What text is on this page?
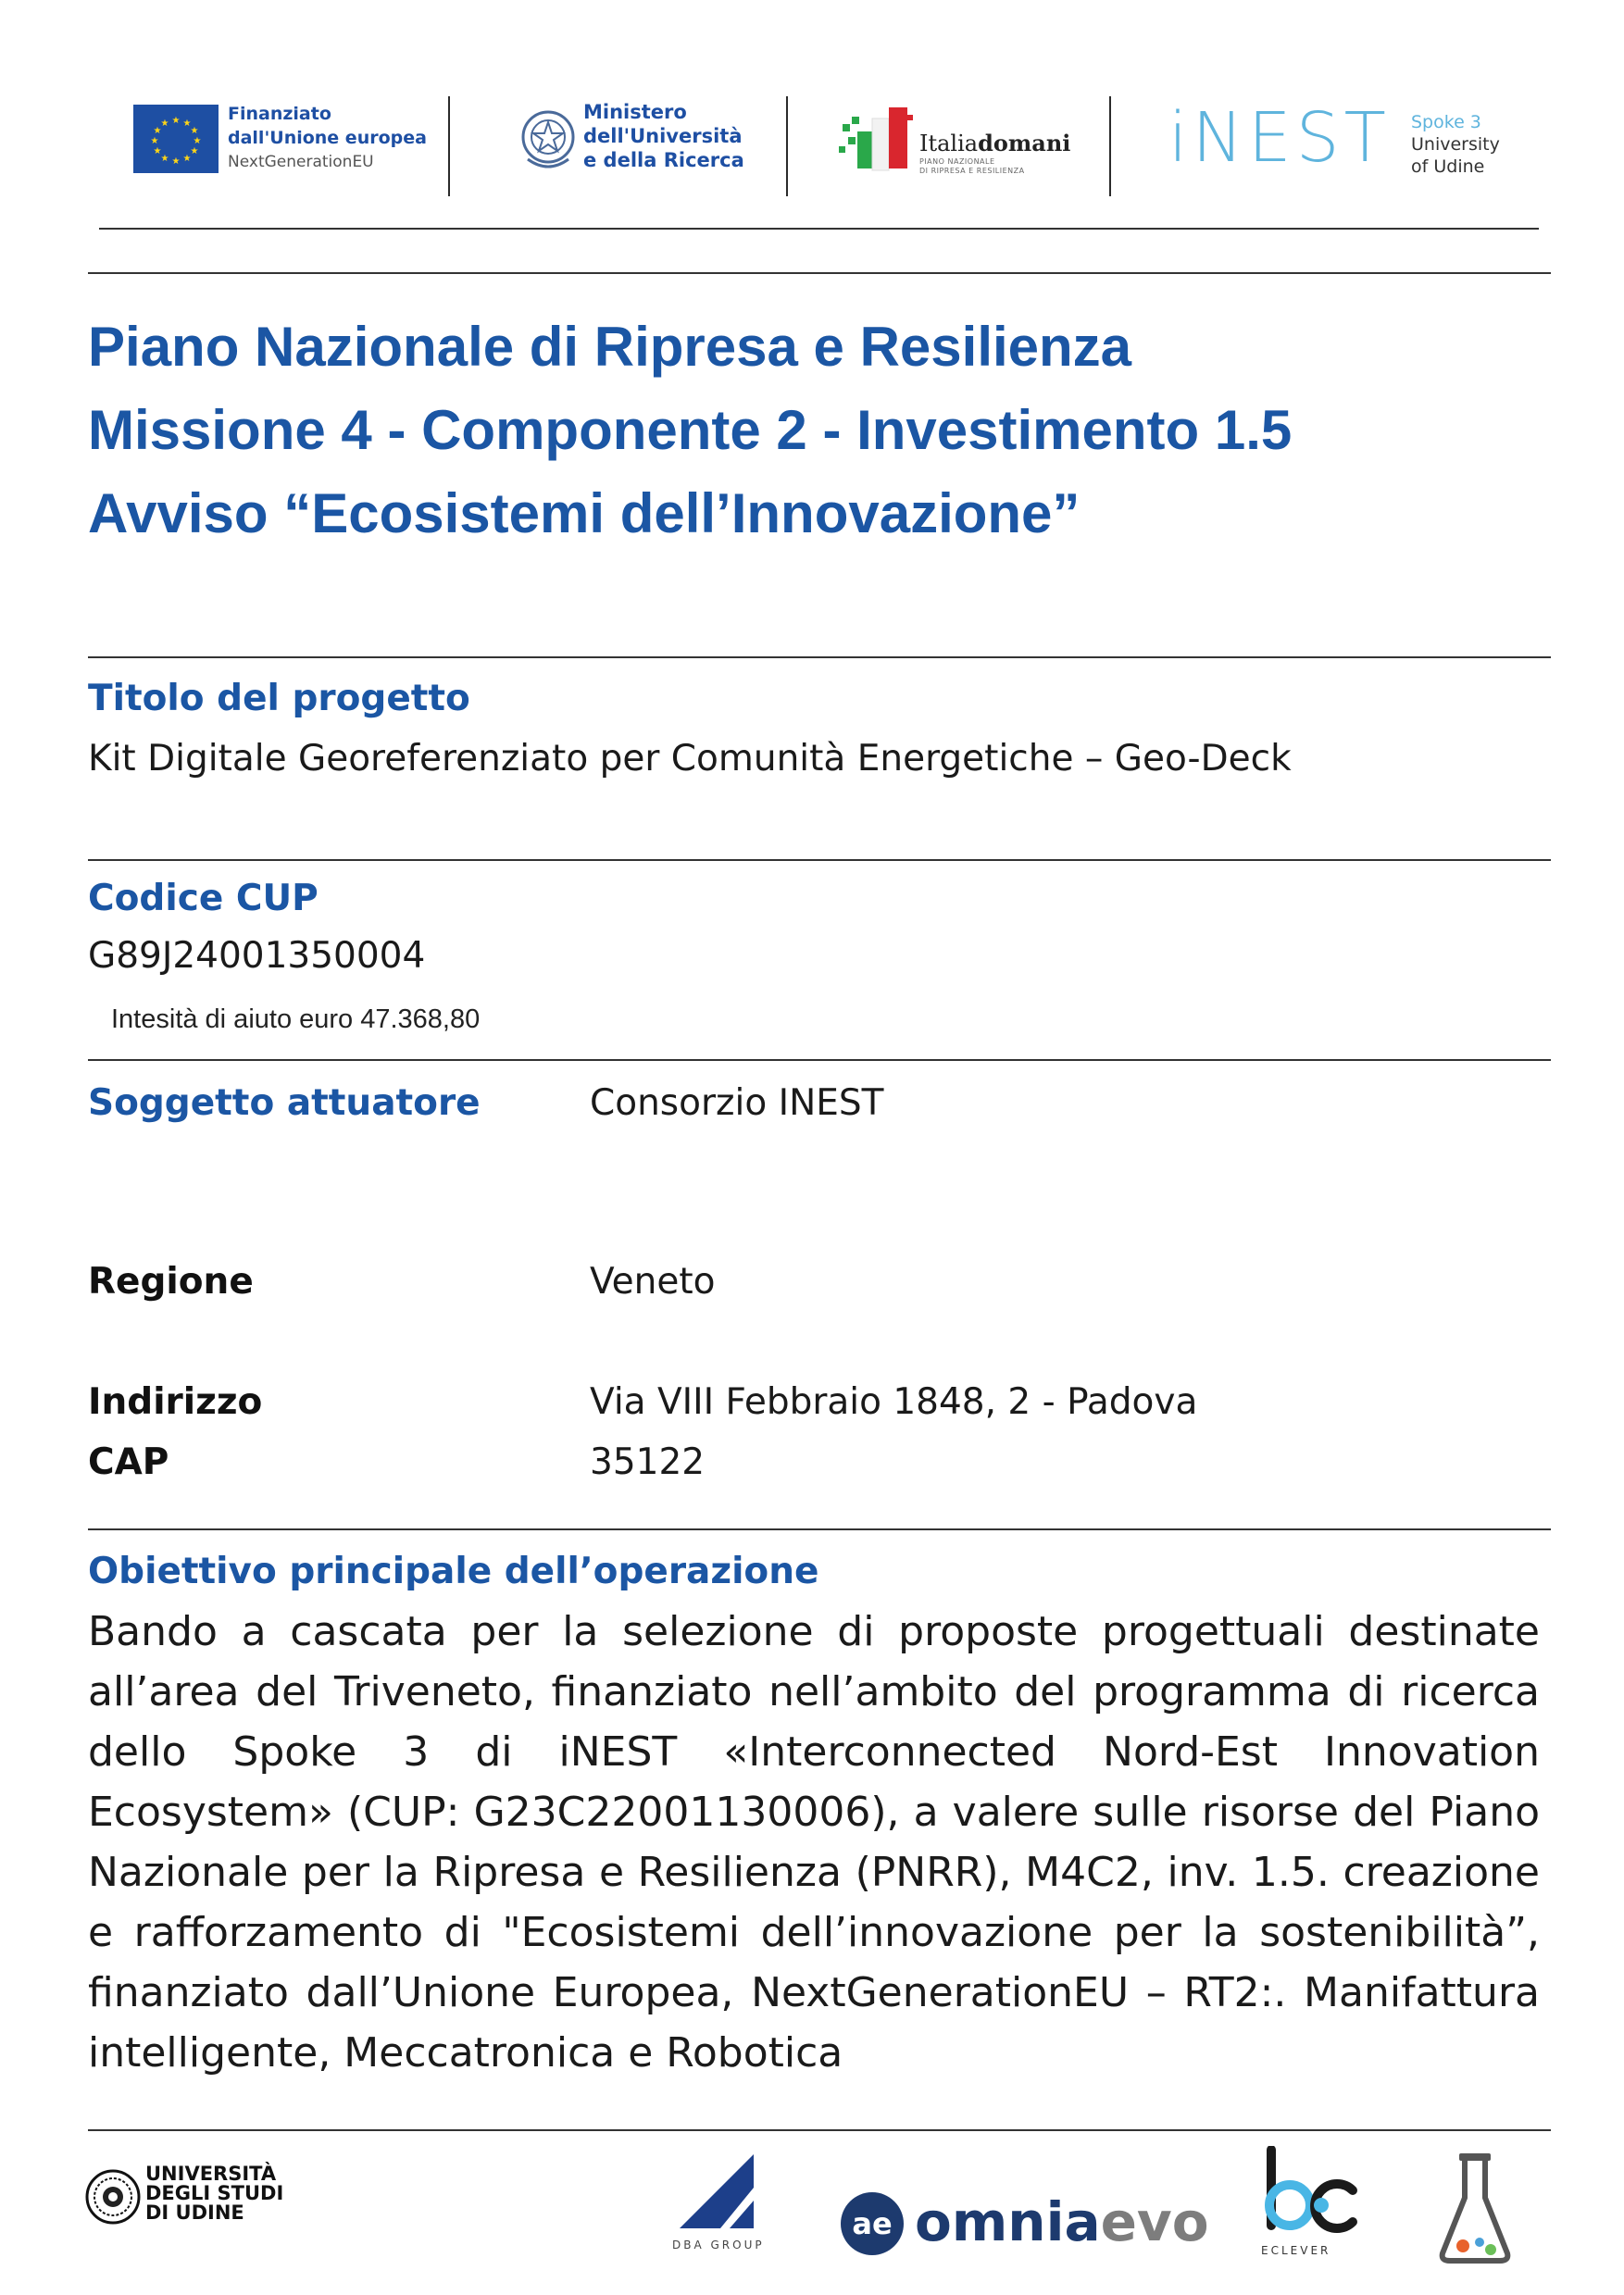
★ ★
★
★
★
★
★
★
★
★
★
★	Finanziato
dall'Unione europea
NextGenerationEU
Ministero
dell'Università
e della Ricerca
Italiadomani
PIANO NAZIONALE
DI RIPRESA E RESILIENZA iNEST Spoke 3
University
of Udine
Piano Nazionale di Ripresa e Resilienza
Missione 4 - Componente 2 - Investimento 1.5
Avviso “Ecosistemi dell’Innovazione”
Titolo del progetto
Kit Digitale Georeferenziato per Comunità Energetiche – Geo-Deck
Codice CUP
G89J24001350004
Intesità di aiuto euro 47.368,80
Soggetto attuatore	Consorzio INEST
Regione	Veneto
Indirizzo	Via VIII Febbraio 1848, 2 - Padova
CAP	35122
Obiettivo principale dell’operazione
Bando a cascata per la selezione di proposte progettuali destinate all’area del Triveneto, finanziato nell’ambito del programma di ricerca dello Spoke 3 di iNEST «Interconnected Nord-Est Innovation Ecosystem» (CUP: G23C22001130006), a valere sulle risorse del Piano Nazionale per la Ripresa e Resilienza (PNRR), M4C2, inv. 1.5. creazione e rafforzamento di "Ecosistemi dell’innovazione per la sostenibilità”, finanziato dall’Unione Europea, NextGenerationEU – RT2:. Manifattura intelligente, Meccatronica e Robotica
UNIVERSITÀ
DEGLI STUDI
DI UDINE
DBA GROUP
ae omniaevo	ECLEVER
